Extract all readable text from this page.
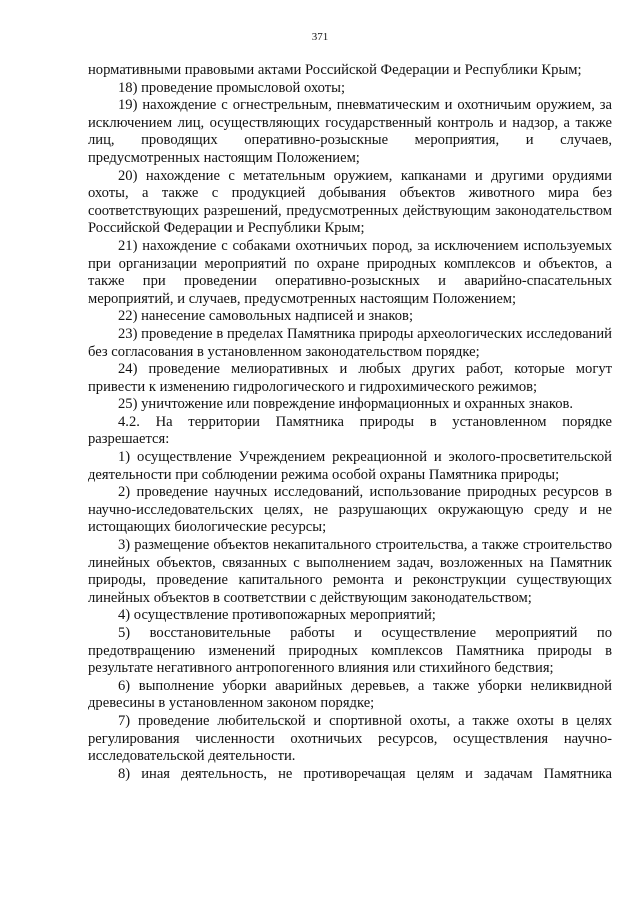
371

нормативными правовыми актами Российской Федерации и Республики Крым;

18) проведение промысловой охоты;

19) нахождение с огнестрельным, пневматическим и охотничьим оружием, за исключением лиц, осуществляющих государственный контроль и надзор, а также лиц, проводящих оперативно-розыскные мероприятия, и случаев, предусмотренных настоящим Положением;

20) нахождение с метательным оружием, капканами и другими орудиями охоты, а также с продукцией добывания объектов животного мира без соответствующих разрешений, предусмотренных действующим законодательством Российской Федерации и Республики Крым;

21) нахождение с собаками охотничьих пород, за исключением используемых при организации мероприятий по охране природных комплексов и объектов, а также при проведении оперативно-розыскных и аварийно-спасательных мероприятий, и случаев, предусмотренных настоящим Положением;

22) нанесение самовольных надписей и знаков;

23) проведение в пределах Памятника природы археологических исследований без согласования в установленном законодательством порядке;

24) проведение мелиоративных и любых других работ, которые могут привести к изменению гидрологического и гидрохимического режимов;

25) уничтожение или повреждение информационных и охранных знаков.

4.2. На территории Памятника природы в установленном порядке разрешается:

1) осуществление Учреждением рекреационной и эколого-просветительской деятельности при соблюдении режима особой охраны Памятника природы;

2) проведение научных исследований, использование природных ресурсов в научно-исследовательских целях, не разрушающих окружающую среду и не истощающих биологические ресурсы;

3) размещение объектов некапитального строительства, а также строительство линейных объектов, связанных с выполнением задач, возложенных на Памятник природы, проведение капитального ремонта и реконструкции существующих линейных объектов в соответствии с действующим законодательством;

4) осуществление противопожарных мероприятий;

5) восстановительные работы и осуществление мероприятий по предотвращению изменений природных комплексов Памятника природы в результате негативного антропогенного влияния или стихийного бедствия;

6) выполнение уборки аварийных деревьев, а также уборки неликвидной древесины в установленном законом порядке;

7) проведение любительской и спортивной охоты, а также охоты в целях регулирования численности охотничьих ресурсов, осуществления научно-исследовательской деятельности.

8) иная деятельность, не противоречащая целям и задачам Памятника
